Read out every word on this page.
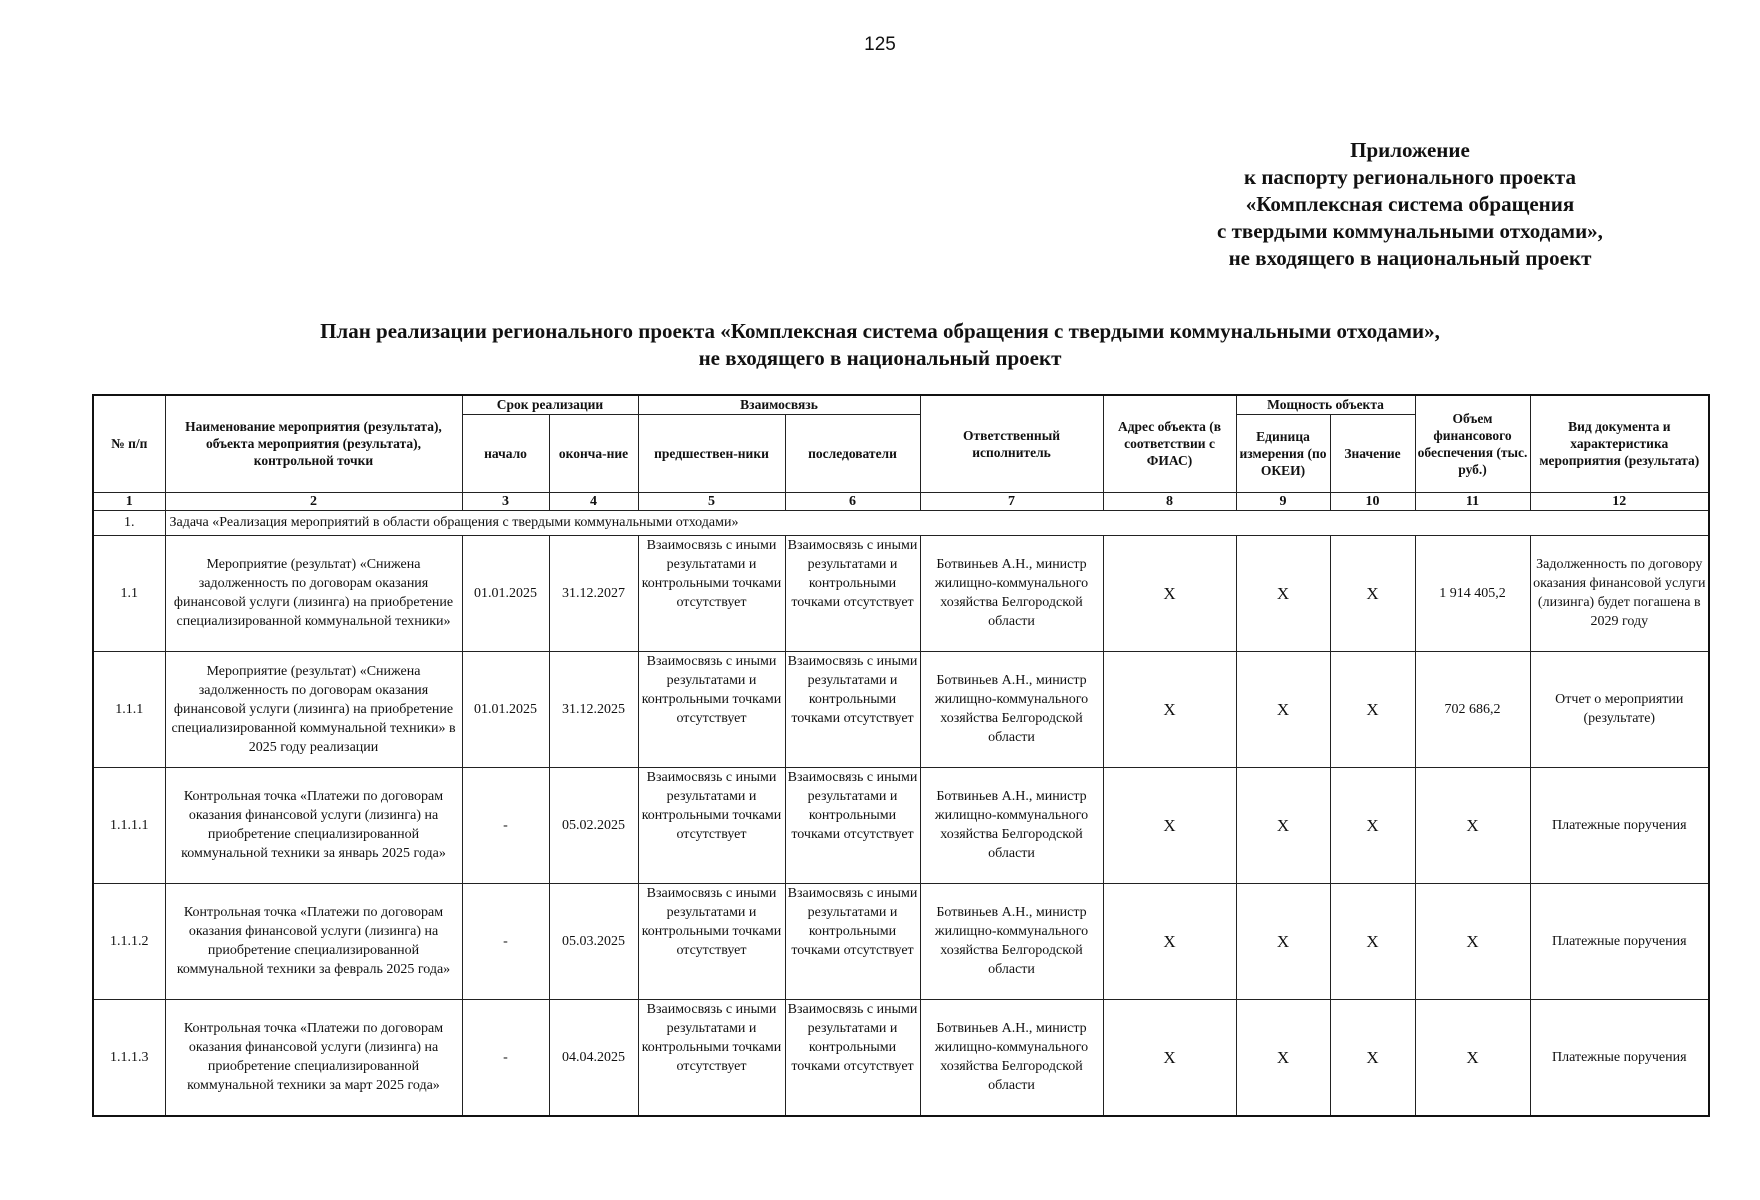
125
Приложение
к паспорту регионального проекта
«Комплексная система обращения
с твердыми коммунальными отходами»,
не входящего в национальный проект
План реализации регионального проекта «Комплексная система обращения с твердыми коммунальными отходами»,
не входящего в национальный проект
№ п/п	Наименование мероприятия (результата), объекта мероприятия (результата), контрольной точки	Срок реализации		Взаимосвязь		Ответственный исполнитель	Адрес объекта (в соответствии с ФИАС)	Мощность объекта		Объем финансового обеспечения (тыс. руб.)	Вид документа и характеристика мероприятия (результата)
		начало	оконча-ние	предшествен-ники	последователи			Единица измерения (по ОКЕИ)	Значение		
1	2	3	4	5	6	7	8	9	10	11	12
1.	Задача «Реализация мероприятий в области обращения с твердыми коммунальными отходами»										
1.1	Мероприятие (результат) «Снижена задолженность по договорам оказания финансовой услуги (лизинга) на приобретение специализированной коммунальной техники»	01.01.2025	31.12.2027	Взаимосвязь с иными результатами и контрольными точками отсутствует	Взаимосвязь с иными результатами и контрольными точками отсутствует	Ботвиньев А.Н., министр жилищно-коммунального хозяйства Белгородской области	X	X	X	1 914 405,2	Задолженность по договору оказания финансовой услуги (лизинга) будет погашена в 2029 году
1.1.1	Мероприятие (результат) «Снижена задолженность по договорам оказания финансовой услуги (лизинга) на приобретение специализированной коммунальной техники» в 2025 году реализации	01.01.2025	31.12.2025	Взаимосвязь с иными результатами и контрольными точками отсутствует	Взаимосвязь с иными результатами и контрольными точками отсутствует	Ботвиньев А.Н., министр жилищно-коммунального хозяйства Белгородской области	X	X	X	702 686,2	Отчет о мероприятии (результате)
1.1.1.1	Контрольная точка «Платежи по договорам оказания финансовой услуги (лизинга) на приобретение специализированной коммунальной техники за январь 2025 года»	-	05.02.2025	Взаимосвязь с иными результатами и контрольными точками отсутствует	Взаимосвязь с иными результатами и контрольными точками отсутствует	Ботвиньев А.Н., министр жилищно-коммунального хозяйства Белгородской области	X	X	X	X	Платежные поручения
1.1.1.2	Контрольная точка «Платежи по договорам оказания финансовой услуги (лизинга) на приобретение специализированной коммунальной техники за февраль 2025 года»	-	05.03.2025	Взаимосвязь с иными результатами и контрольными точками отсутствует	Взаимосвязь с иными результатами и контрольными точками отсутствует	Ботвиньев А.Н., министр жилищно-коммунального хозяйства Белгородской области	X	X	X	X	Платежные поручения
1.1.1.3	Контрольная точка «Платежи по договорам оказания финансовой услуги (лизинга) на приобретение специализированной коммунальной техники за март 2025 года»	-	04.04.2025	Взаимосвязь с иными результатами и контрольными точками отсутствует	Взаимосвязь с иными результатами и контрольными точками отсутствует	Ботвиньев А.Н., министр жилищно-коммунального хозяйства Белгородской области	X	X	X	X	Платежные поручения
